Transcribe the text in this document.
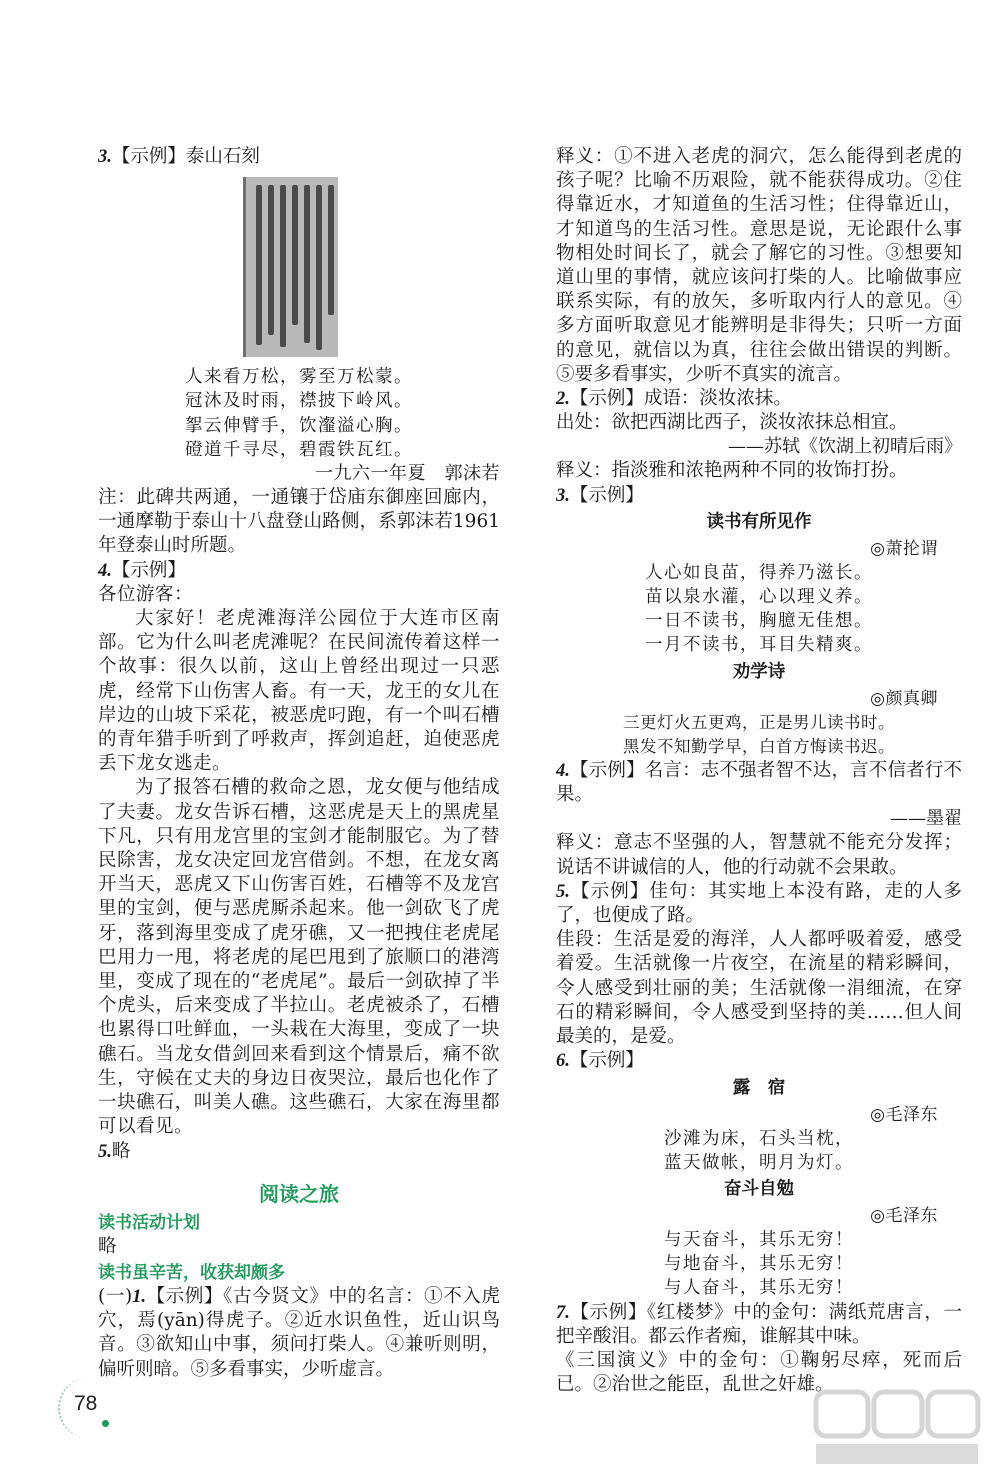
3.【示例】泰山石刻

人来看万松，雾至万松蒙。

冠沐及时雨，襟披下岭风。

挐云伸臂手，饮瀣溢心胸。

磴道千寻尽，碧霞铁瓦红。

一九六一年夏　郭沫若

注：此碑共两通，一通镶于岱庙东御座回廊内，一通摩勒于泰山十八盘登山路侧，系郭沫若1961年登泰山时所题。

4.【示例】

各位游客：

大家好！老虎滩海洋公园位于大连市区南部。它为什么叫老虎滩呢？在民间流传着这样一个故事：很久以前，这山上曾经出现过一只恶虎，经常下山伤害人畜。有一天，龙王的女儿在岸边的山坡下采花，被恶虎叼跑，有一个叫石槽的青年猎手听到了呼救声，挥剑追赶，迫使恶虎丢下龙女逃走。

为了报答石槽的救命之恩，龙女便与他结成了夫妻。龙女告诉石槽，这恶虎是天上的黑虎星下凡，只有用龙宫里的宝剑才能制服它。为了替民除害，龙女决定回龙宫借剑。不想，在龙女离开当天，恶虎又下山伤害百姓，石槽等不及龙宫里的宝剑，便与恶虎厮杀起来。他一剑砍飞了虎牙，落到海里变成了虎牙礁，又一把拽住老虎尾巴用力一甩，将老虎的尾巴甩到了旅顺口的港湾里，变成了现在的“老虎尾”。最后一剑砍掉了半个虎头，后来变成了半拉山。老虎被杀了，石槽也累得口吐鲜血，一头栽在大海里，变成了一块礁石。当龙女借剑回来看到这个情景后，痛不欲生，守候在丈夫的身边日夜哭泣，最后也化作了一块礁石，叫美人礁。这些礁石，大家在海里都可以看见。

5.略

阅读之旅

读书活动计划

略

读书虽辛苦，收获却颇多

(一)1.【示例】《古今贤文》中的名言：①不入虎穴，焉(yān)得虎子。②近水识鱼性，近山识鸟音。③欲知山中事，须问打柴人。④兼听则明，偏听则暗。⑤多看事实，少听虚言。

释义：①不进入老虎的洞穴，怎么能得到老虎的孩子呢？比喻不历艰险，就不能获得成功。②住得靠近水，才知道鱼的生活习性；住得靠近山，才知道鸟的生活习性。意思是说，无论跟什么事物相处时间长了，就会了解它的习性。③想要知道山里的事情，就应该问打柴的人。比喻做事应联系实际，有的放矢，多听取内行人的意见。④多方面听取意见才能辨明是非得失；只听一方面的意见，就信以为真，往往会做出错误的判断。⑤要多看事实，少听不真实的流言。

2.【示例】成语：淡妆浓抹。

出处：欲把西湖比西子，淡妆浓抹总相宜。

——苏轼《饮湖上初晴后雨》

释义：指淡雅和浓艳两种不同的妆饰打扮。

3.【示例】

读书有所见作

◎萧抡谓

人心如良苗，得养乃滋长。

苗以泉水灌，心以理义养。

一日不读书，胸臆无佳想。

一月不读书，耳目失精爽。

劝学诗

◎颜真卿

三更灯火五更鸡，正是男儿读书时。

黑发不知勤学早，白首方悔读书迟。

4.【示例】名言：志不强者智不达，言不信者行不果。

——墨翟

释义：意志不坚强的人，智慧就不能充分发挥；说话不讲诚信的人，他的行动就不会果敢。

5.【示例】佳句：其实地上本没有路，走的人多了，也便成了路。

佳段：生活是爱的海洋，人人都呼吸着爱，感受着爱。生活就像一片夜空，在流星的精彩瞬间，令人感受到壮丽的美；生活就像一涓细流，在穿石的精彩瞬间，令人感受到坚持的美……但人间最美的，是爱。

6.【示例】

露　宿

◎毛泽东

沙滩为床，石头当枕，

蓝天做帐，明月为灯。

奋斗自勉

◎毛泽东

与天奋斗，其乐无穷！

与地奋斗，其乐无穷！

与人奋斗，其乐无穷！

7.【示例】《红楼梦》中的金句：满纸荒唐言，一把辛酸泪。都云作者痴，谁解其中味。

《三国演义》中的金句：①鞠躬尽瘁，死而后已。②治世之能臣，乱世之奸雄。

78
